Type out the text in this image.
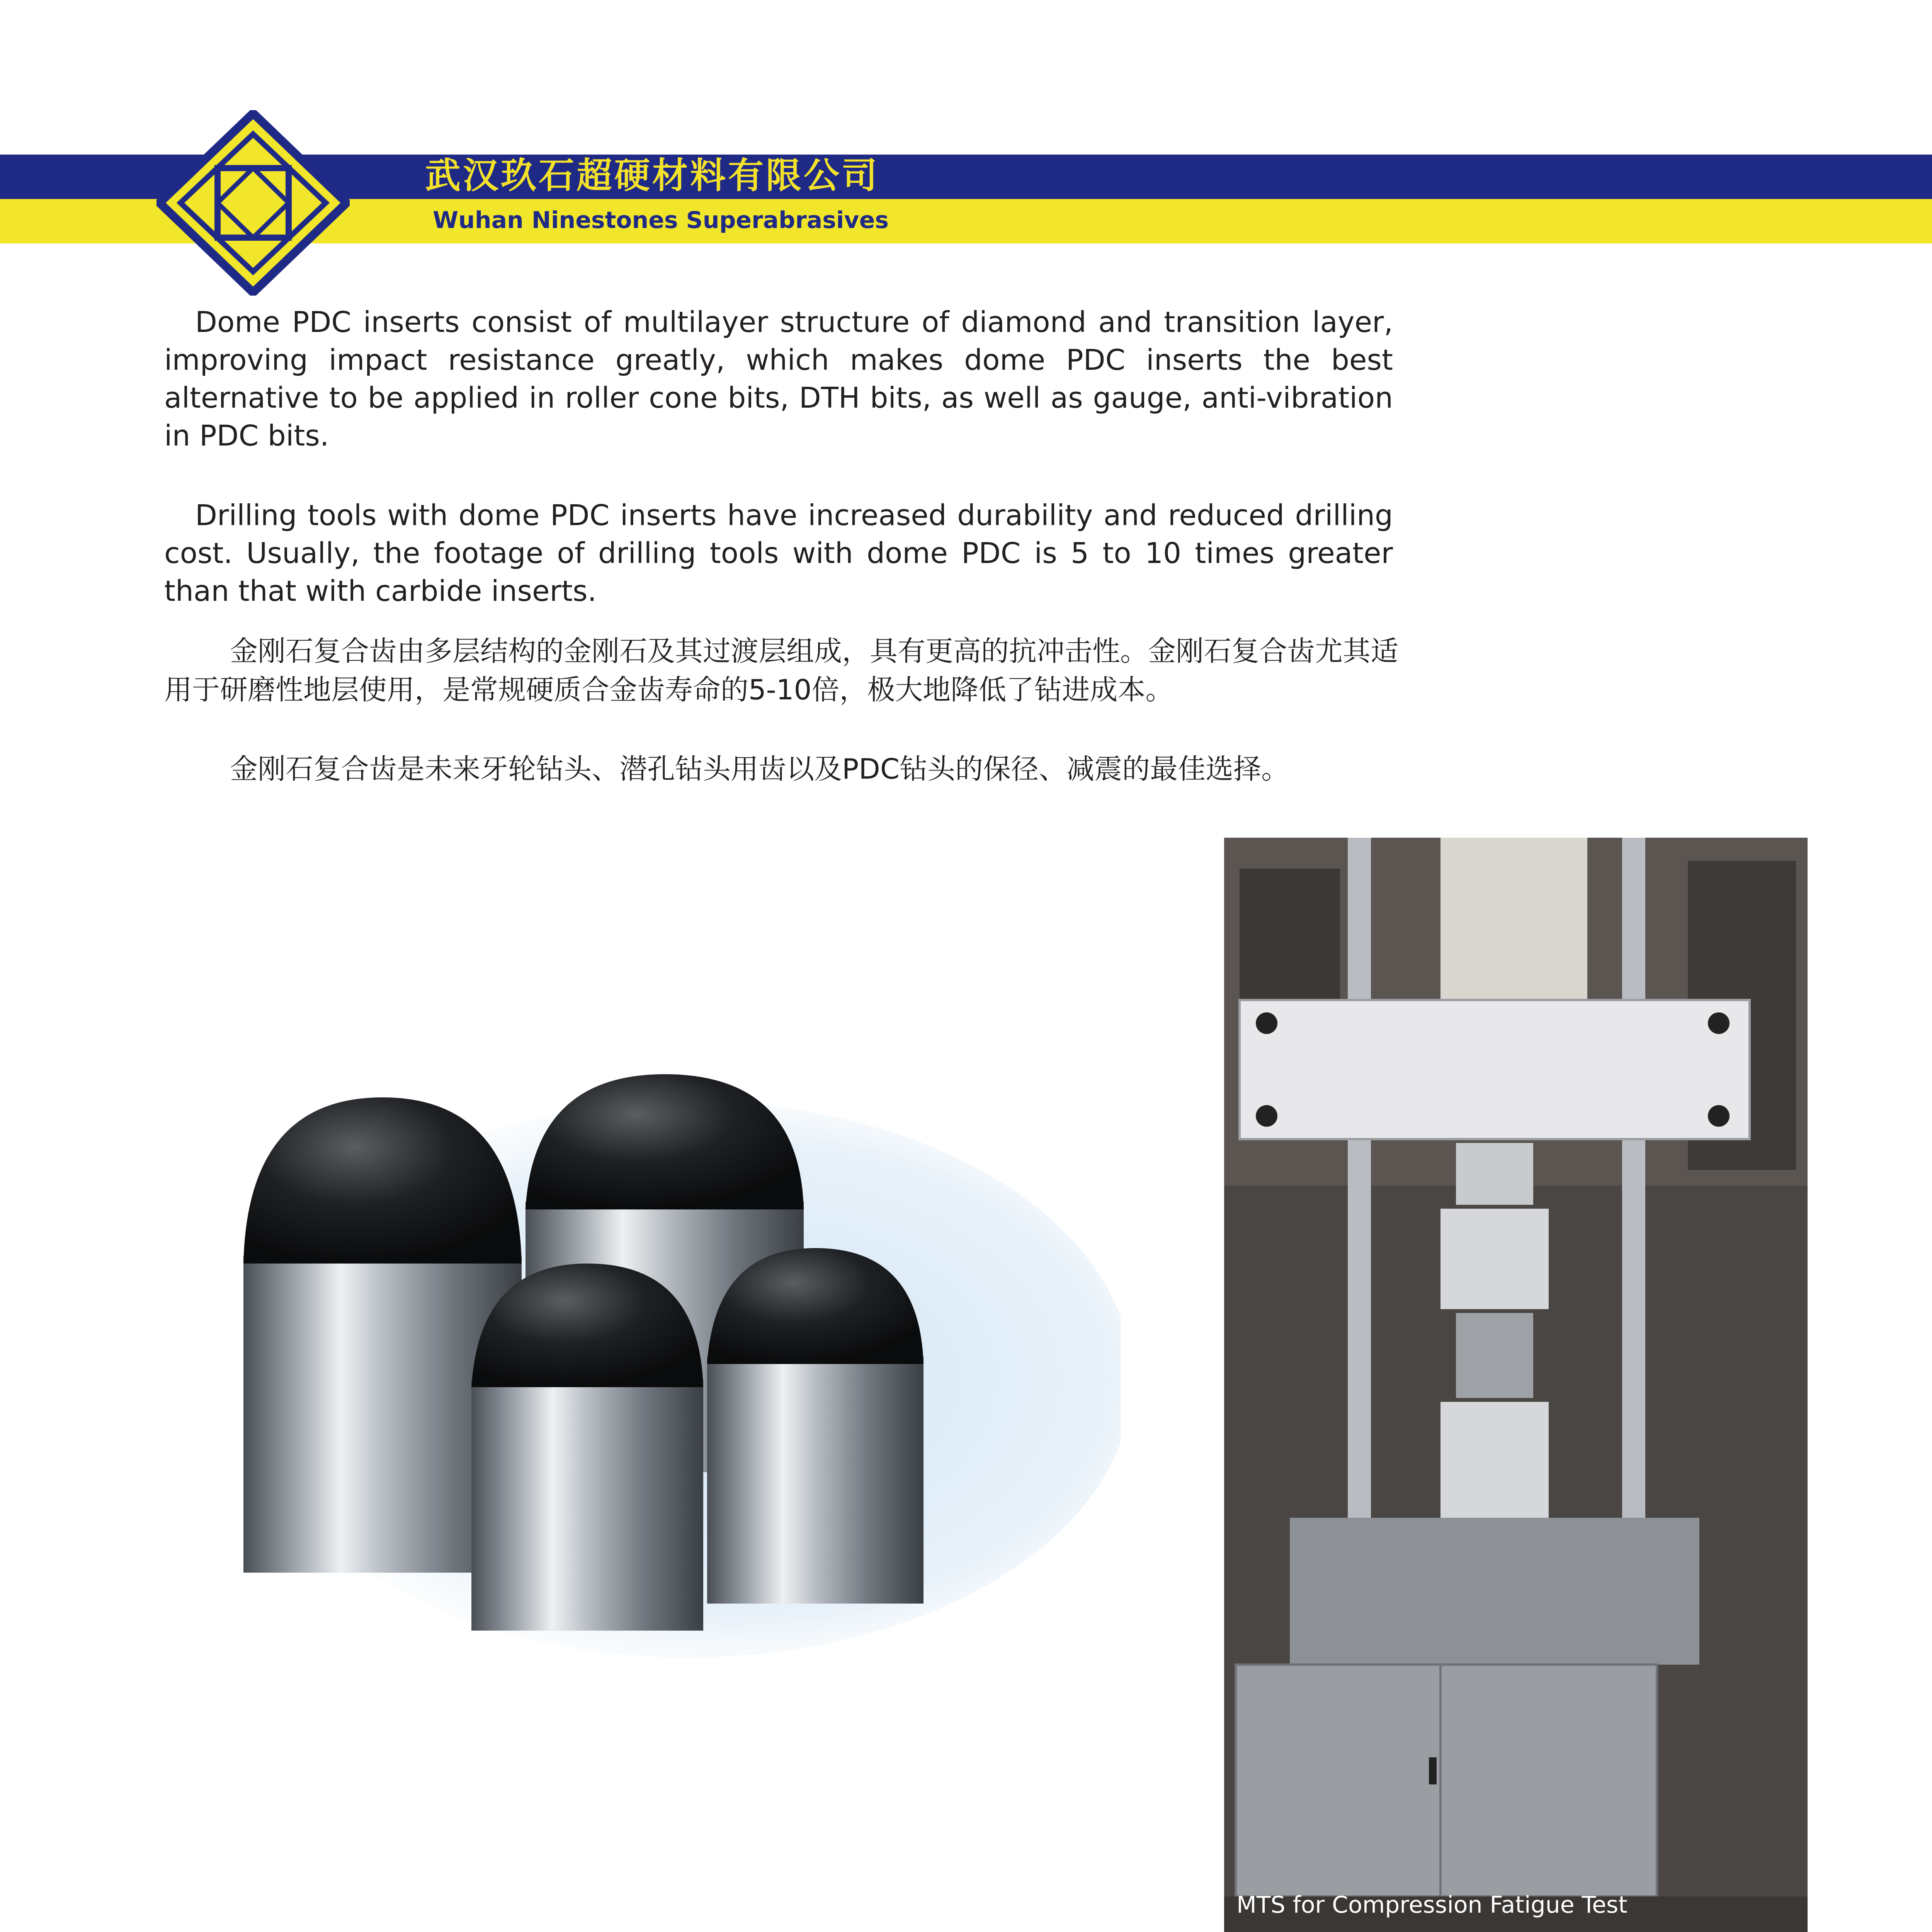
武汉玖石超硬材料有限公司
Wuhan Ninestones Superabrasives

Dome PDC inserts consist of multilayer structure of diamond and transition layer, improving impact resistance greatly, which makes dome PDC inserts the best alternative to be applied in roller cone bits, DTH bits, as well as gauge, anti-vibration in PDC bits.

Drilling tools with dome PDC inserts have increased durability and reduced drilling cost. Usually, the footage of drilling tools with dome PDC is 5 to 10 times greater than that with carbide inserts.

金刚石复合齿由多层结构的金刚石及其过渡层组成，具有更高的抗冲击性。金刚石复合齿尤其适用于研磨性地层使用，是常规硬质合金齿寿命的5-10倍，极大地降低了钻进成本。

金刚石复合齿是未来牙轮钻头、潜孔钻头用齿以及PDC钻头的保径、减震的最佳选择。

MTS for Compression Fatigue Test
